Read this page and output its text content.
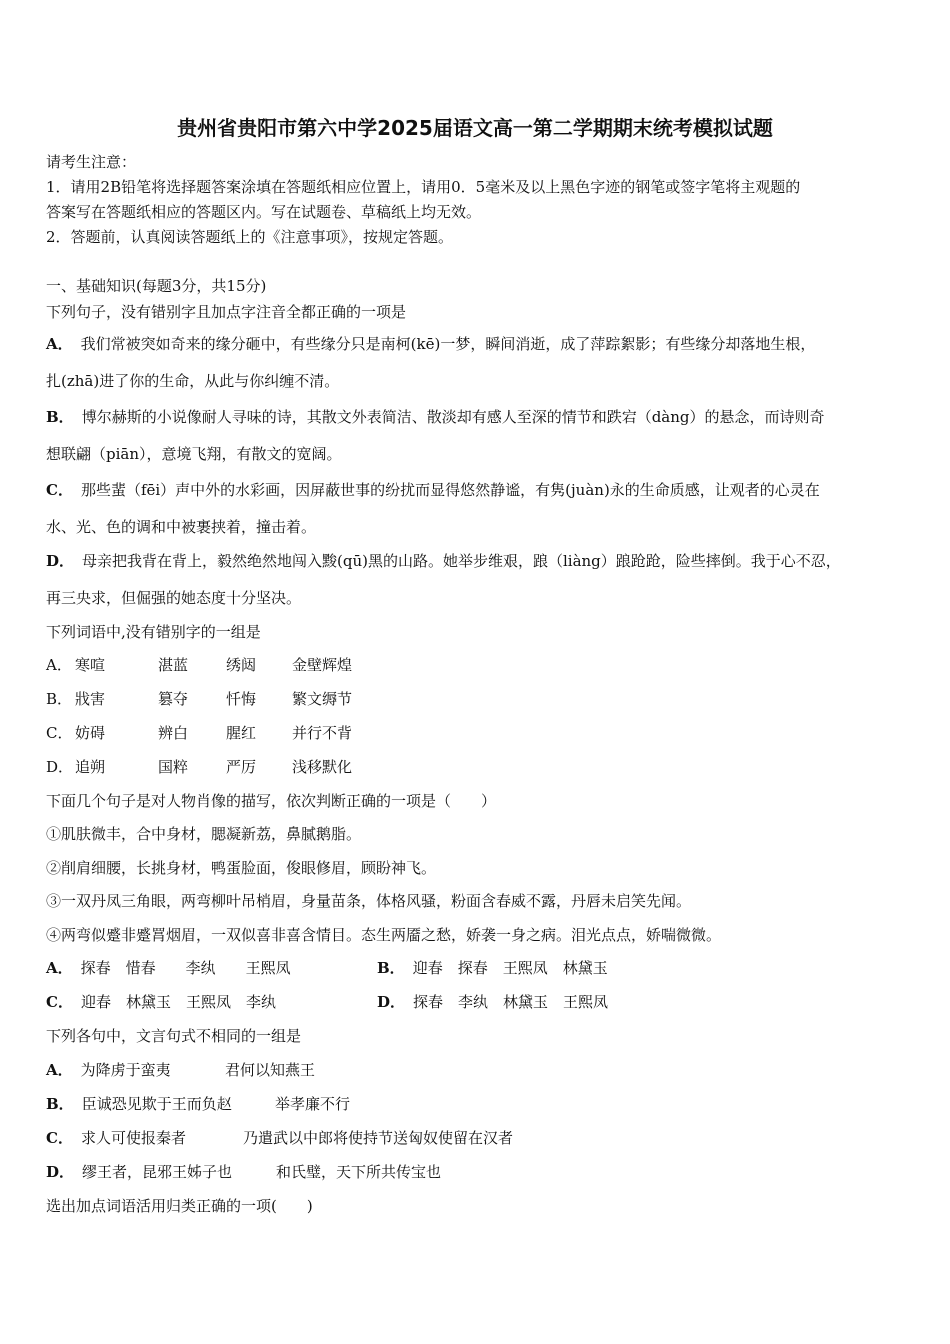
贵州省贵阳市第六中学2025届语文高一第二学期期末统考模拟试题
请考生注意：
1．请用2B铅笔将选择题答案涂填在答题纸相应位置上，请用0．5毫米及以上黑色字迹的钢笔或签字笔将主观题的
答案写在答题纸相应的答题区内。写在试题卷、草稿纸上均无效。
2．答题前，认真阅读答题纸上的《注意事项》，按规定答题。
一、基础知识(每题3分，共15分)
下列句子，没有错别字且加点字注音全都正确的一项是
A． 我们常被突如奇来的缘分砸中，有些缘分只是南柯(kē)一梦，瞬间消逝，成了萍踪絮影；有些缘分却落地生根，
扎(zhā)进了你的生命，从此与你纠缠不清。
B． 博尔赫斯的小说像耐人寻味的诗，其散文外表简洁、散淡却有感人至深的情节和跌宕（dàng）的悬念，而诗则奇
想联翩（piān），意境飞翔，有散文的宽阔。
C． 那些蜚（fēi）声中外的水彩画，因屏蔽世事的纷扰而显得悠然静谧，有隽(juàn)永的生命质感，让观者的心灵在
水、光、色的调和中被裹挟着，撞击着。
D． 母亲把我背在背上，毅然绝然地闯入黢(qū)黑的山路。她举步维艰，踉（liàng）踉跄跄，险些摔倒。我于心不忍，
再三央求，但倔强的她态度十分坚决。
下列词语中,没有错别字的一组是
A． 寒喧	湛蓝	绣闼 金壁辉煌
B． 戕害	篡夺	忏悔 繁文缛节
C． 妨碍	辨白	腥红 并行不背
D． 追朔	国粹	严厉 浅移默化
下面几个句子是对人物肖像的描写，依次判断正确的一项是（　　）
①肌肤微丰，合中身材，腮凝新荔，鼻腻鹅脂。
②削肩细腰，长挑身材，鸭蛋脸面，俊眼修眉，顾盼神飞。
③一双丹凤三角眼，两弯柳叶吊梢眉，身量苗条，体格风骚，粉面含春威不露，丹唇未启笑先闻。
④两弯似蹙非蹙罥烟眉，一双似喜非喜含情目。态生两靥之愁，娇袭一身之病。泪光点点，娇喘微微。
A． 探春　惜春　　李纨　　王熙凤	B． 迎春　探春　王熙凤　林黛玉
C． 迎春　林黛玉　王熙凤　李纨	D． 探春　李纨　林黛玉　王熙凤
下列各句中，文言句式不相同的一组是
A． 为降虏于蛮夷	君何以知燕王
B． 臣诚恐见欺于王而负赵	举孝廉不行
C． 求人可使报秦者	乃遣武以中郎将使持节送匈奴使留在汉者
D． 缪王者，昆邪王姊子也	和氏璧，天下所共传宝也
选出加点词语活用归类正确的一项(　　)
